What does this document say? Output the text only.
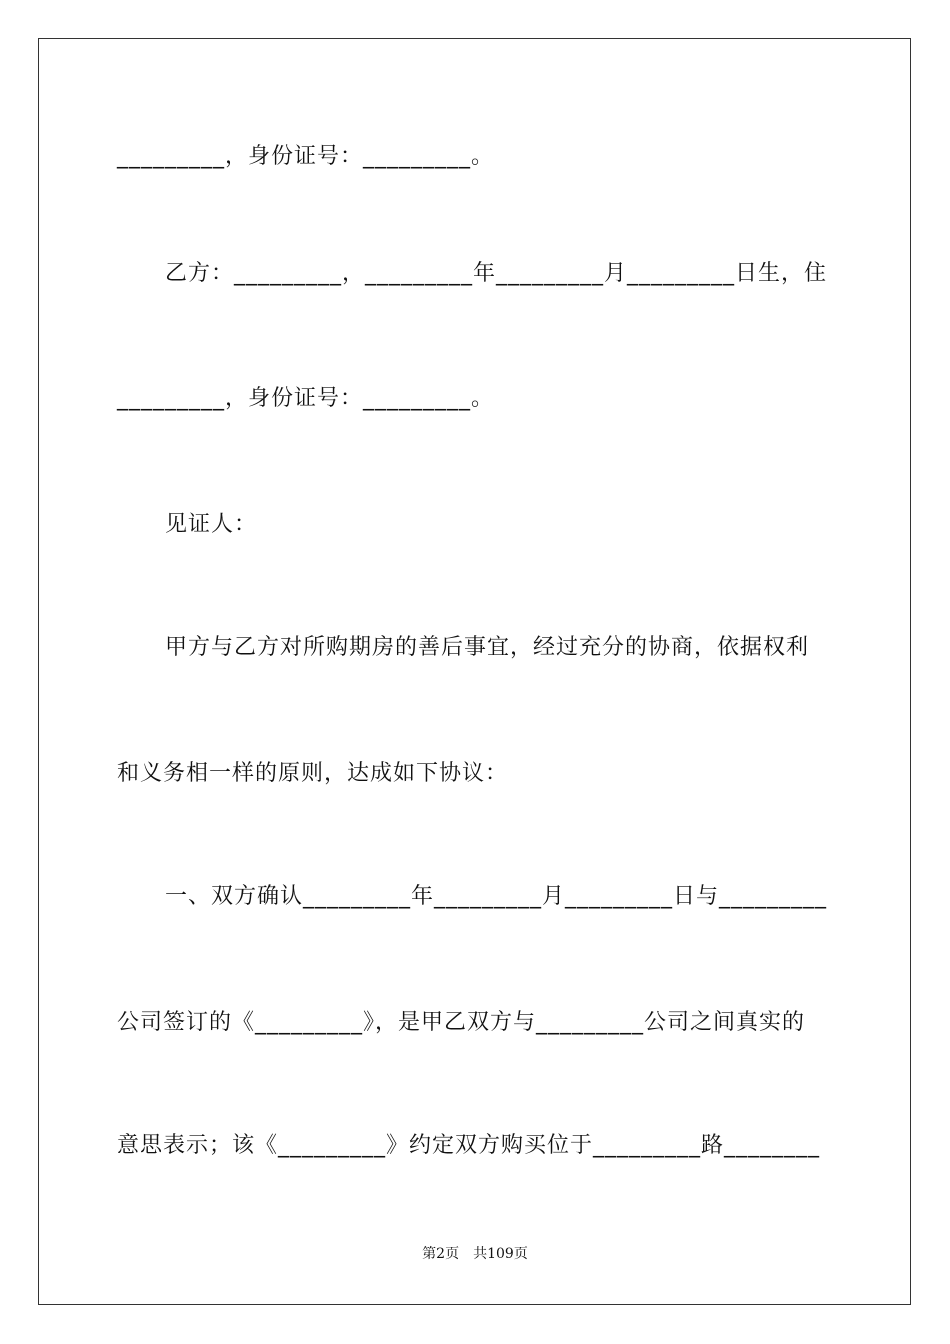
_________，身份证号：_________。
乙方：_________，_________年_________月_________日生，住
_________，身份证号：_________。
见证人：
甲方与乙方对所购期房的善后事宜，经过充分的协商，依据权利
和义务相一样的原则，达成如下协议：
一、双方确认_________年_________月_________日与_________
公司签订的《_________》，是甲乙双方与_________公司之间真实的
意思表示；该《_________》约定双方购买位于_________路________
第2页 共109页
